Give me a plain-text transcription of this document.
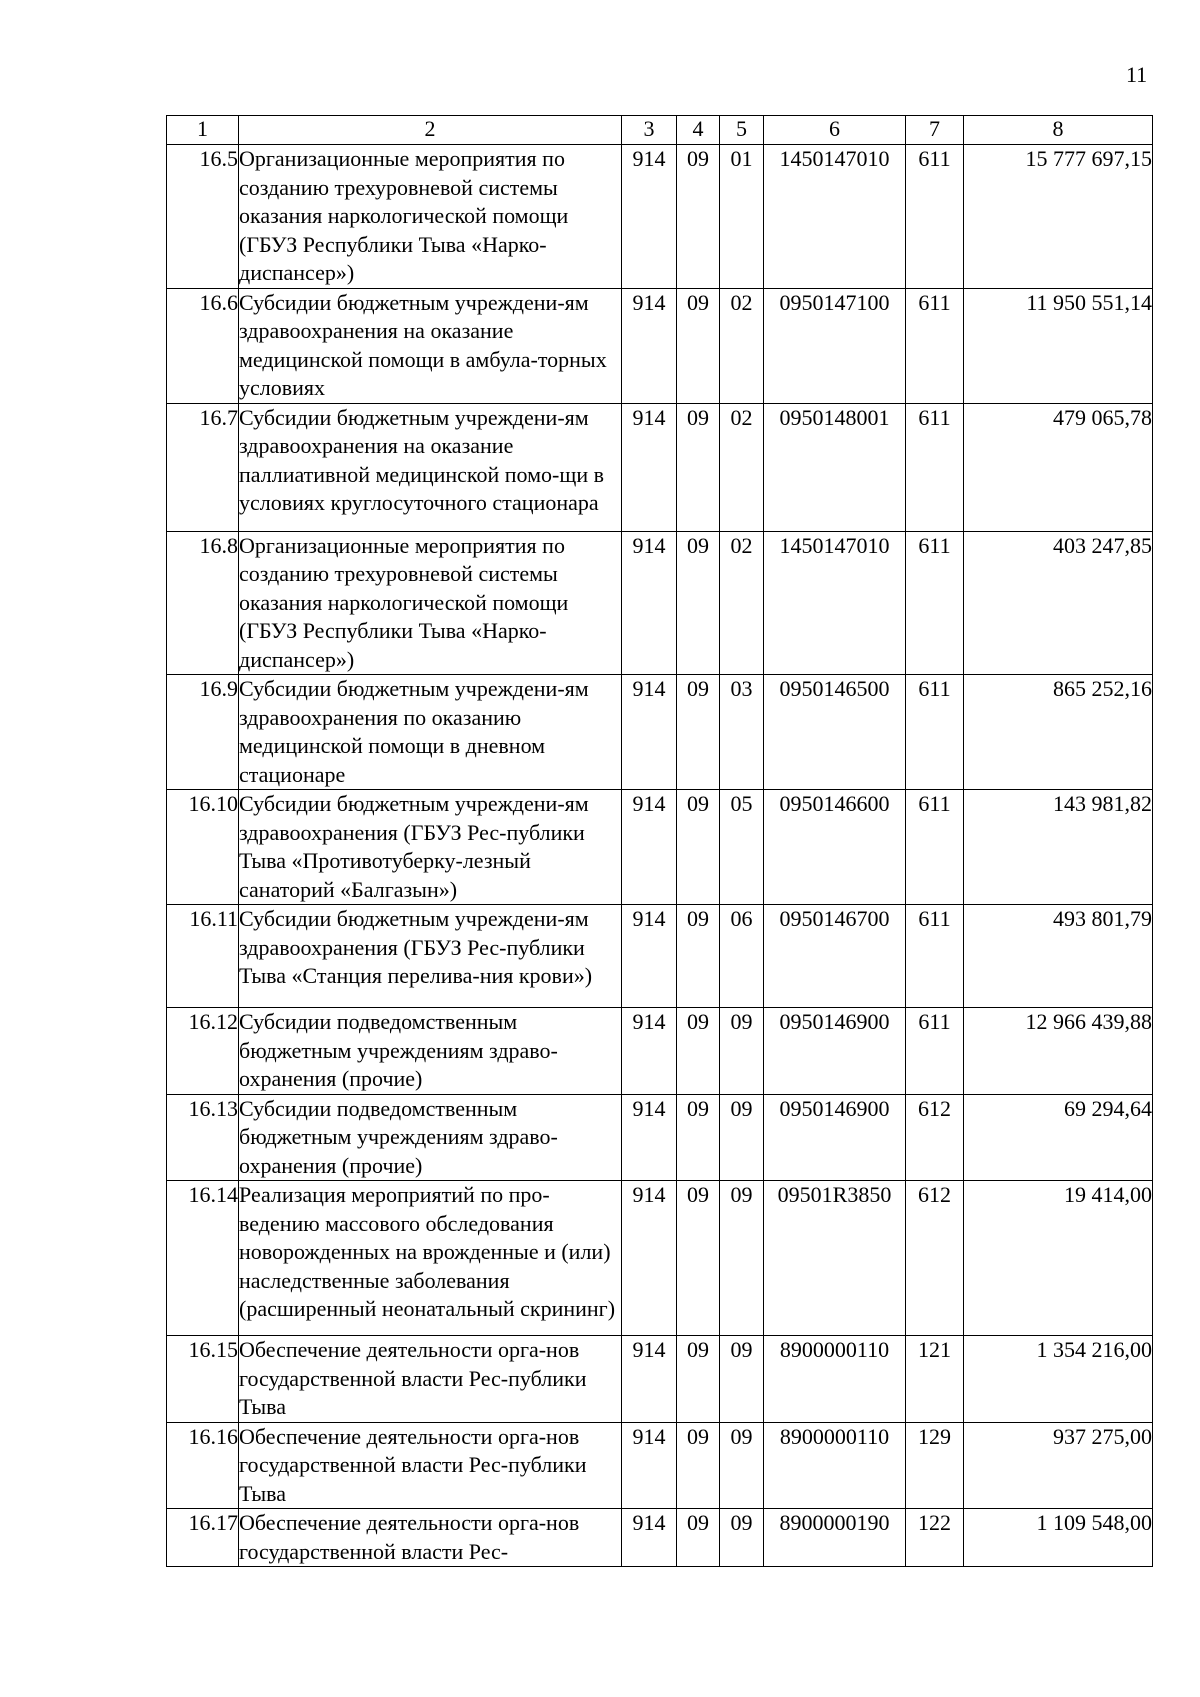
11
1	2	3	4	5	6	7	8
16.5	Организационные мероприятия по созданию трехуровневой системы оказания наркологической помощи (ГБУЗ Республики Тыва «Нарко-диспансер»)	914	09	01	1450147010	611	15 777 697,15
16.6	Субсидии бюджетным учреждени-ям здравоохранения на оказание медицинской помощи в амбула-торных условиях	914	09	02	0950147100	611	11 950 551,14
16.7	Субсидии бюджетным учреждени-ям здравоохранения на оказание паллиативной медицинской помо-щи в условиях круглосуточного стационара	914	09	02	0950148001	611	479 065,78
16.8	Организационные мероприятия по созданию трехуровневой системы оказания наркологической помощи (ГБУЗ Республики Тыва «Нарко-диспансер»)	914	09	02	1450147010	611	403 247,85
16.9	Субсидии бюджетным учреждени-ям здравоохранения по оказанию медицинской помощи в дневном стационаре	914	09	03	0950146500	611	865 252,16
16.10	Субсидии бюджетным учреждени-ям здравоохранения (ГБУЗ Рес-публики Тыва «Противотуберку-лезный санаторий «Балгазын»)	914	09	05	0950146600	611	143 981,82
16.11	Субсидии бюджетным учреждени-ям здравоохранения (ГБУЗ Рес-публики Тыва «Станция перелива-ния крови»)	914	09	06	0950146700	611	493 801,79
16.12	Субсидии подведомственным бюджетным учреждениям здраво-охранения (прочие)	914	09	09	0950146900	611	12 966 439,88
16.13	Субсидии подведомственным бюджетным учреждениям здраво-охранения (прочие)	914	09	09	0950146900	612	69 294,64
16.14	Реализация мероприятий по про-ведению массового обследования новорожденных на врожденные и (или) наследственные заболевания (расширенный неонатальный скрининг)	914	09	09	09501R3850	612	19 414,00
16.15	Обеспечение деятельности орга-нов государственной власти Рес-публики Тыва	914	09	09	8900000110	121	1 354 216,00
16.16	Обеспечение деятельности орга-нов государственной власти Рес-публики Тыва	914	09	09	8900000110	129	937 275,00
16.17	Обеспечение деятельности орга-нов государственной власти Рес-	914	09	09	8900000190	122	1 109 548,00
